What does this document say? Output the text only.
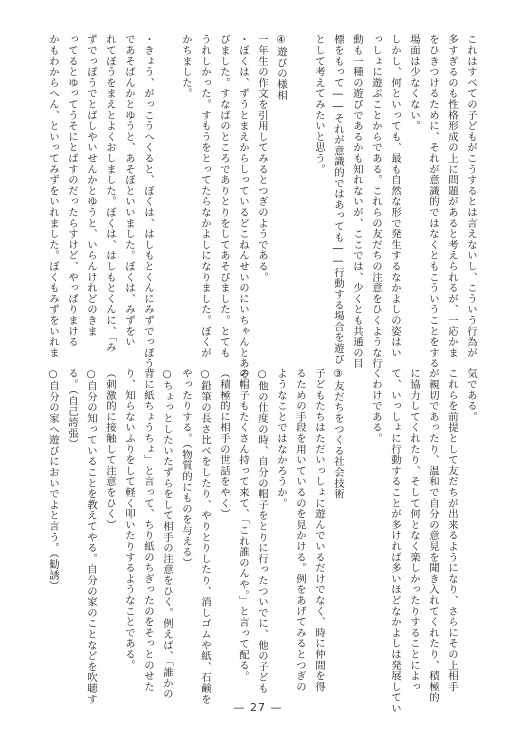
これはすべての子どもがこうするとは言えないし、こういう行為が
多すぎるのも性格形成の上に問題があると考えられるが、一応かま
をひきつけるために、それが意識的ではなくともこういうことをする
場面は少なくない。
しかし、何といっても、最も自然な形で発生するなかよしの姿はい
っしょに遊ぶことからである。これらの友だちの注意をひくような行
動も一種の遊びであるかも知れないが、ここでは、少くとも共通の目
標をもって――それが意識的ではあっても――行動する場合を遊び
として考えてみたいと思う。

④遊びの様相
一年生の作文を引用してみるとつぎのようである。
・ぼくは、ずうとまえからしっているどこねんせいのにいちゃんとあそ
びました。すなばのところでありとりをしてあそびました。とても
うれしかった。すもうをとってたらなかよしになりました。ぼくが
かちました。

・きょう、がっこうへくると、ぼくは、はしもとくんにみずでっぽう
であそばんかとゆうと、あそぼといいました。ぼくは、みずをい
れてぼうをまえとよくおしました。ぼくは、はしもとくんに、「み
ずでっぽうでとばしやいせんかとゆうと、いらんけれどのきま
ってるとゆってうそにとばすのだったらすけど、やっぱりまける
かもわからへん、といってみずをいれました。ぼくもみずをいれま
気である。
これらを前提として友だちが出来るようになり、さらにその上相手
が親切であったり、温和で自分の意見を聞き入れてくれたり、積極的
に協力してくれたり、そして何となく楽しかったりすることによっ
て、いっしょに行動することが多ければ多いほどなかよしは発展してい
くわけである。

③友だちをつくる社会技術
子どもたちはただいっしょに遊んでいるだけでなく、時に仲間を得
るための手段を用いているのを見かける。例をあげてみるとつぎの
ようなことではなかろうか。
○他の仕度の時、自分の帽子をとりに行ったついでに、他の子ども
の帽子もたくさん持って来て、「これ誰のんや。」と言って配る。
（積極的に相手の世話をやく）
○鉛筆の長さ比べをしたり、やりとりしたり、消しゴムや紙、石鹸を
やったりする。（物質的にものを与える）
○ちょっとしたいたずらをして相手の注意をひく。例えば、「誰かの
背に紙ちょうちょ」と言って、ちり紙のちぎったのをそっとのせた
り、知らないふりをして軽く叩いたりするようなことである。
（刺激的に接触して注意をひく）
○自分の知っていることを教えてやる。自分の家のことなどを吹聴す
る。（自己誇張）
○自分の家へ遊びにおいでよと言う。（勧誘）
— 27 —
